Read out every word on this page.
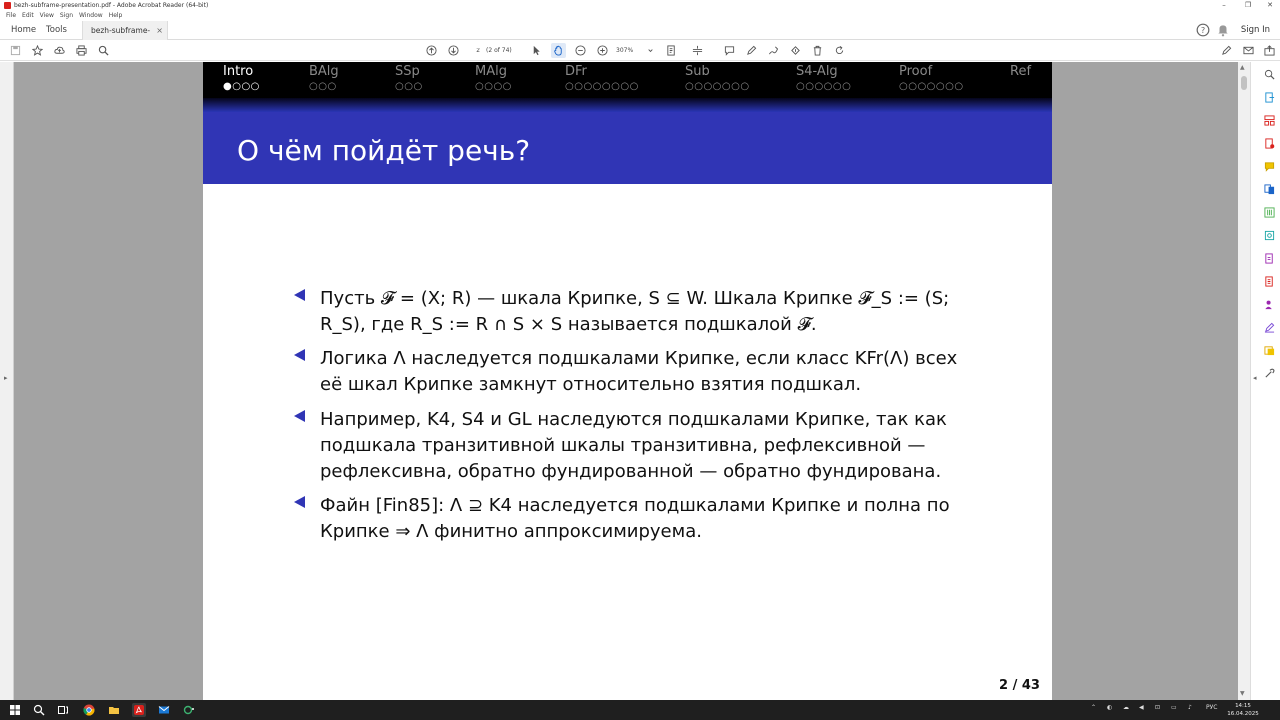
bezh-subframe-presentation.pdf - Adobe Acrobat Reader (64-bit)	–	❐	✕
File Edit View Sign Window Help
Home Tools	bezh-subframe- ×	?	Sign In
2
(2 of 74)	307%
▸
Intro
●○○○
BAlg
○○○
SSp
○○○
MAlg
○○○○
DFr
○○○○○○○○
Sub
○○○○○○○
S4-Alg
○○○○○○
Proof
○○○○○○○
Ref
О чём пойдёт речь?
Пусть 𝓕 = (X; R) — шкала Крипке, S ⊆ W. Шкала Крипке 𝓕_S := (S; R_S), где R_S := R ∩ S × S называется подшкалой 𝓕.
Логика Λ наследуется подшкалами Крипке, если класс KFr(Λ) всех её шкал Крипке замкнут относительно взятия подшкал.
Например, K4, S4 и GL наследуются подшкалами Крипке, так как подшкала транзитивной шкалы транзитивна, рефлексивной — рефлексивна, обратно фундированной — обратно фундирована.
Файн [Fin85]: Λ ⊇ K4 наследуется подшкалами Крипке и полна по Крипке ⇒ Λ финитно аппроксимируема.
2 / 43
▲
▼
◂
⌃ ◐ ☁ ◀ ⊡ ▭ ♪ РУС	14:15
16.04.2025
